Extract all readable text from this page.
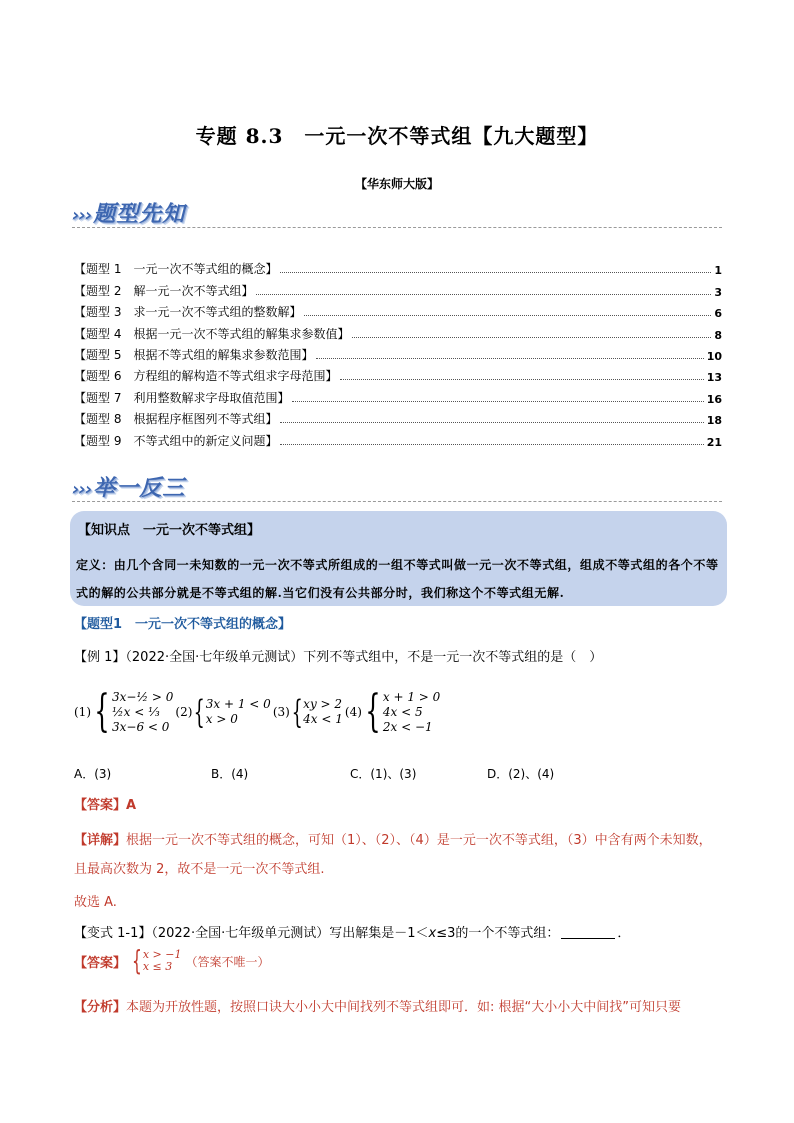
专题 8.3　一元一次不等式组【九大题型】
【华东师大版】
›››题型先知
【题型 1　一元一次不等式组的概念】	1
【题型 2　解一元一次不等式组】	3
【题型 3　求一元一次不等式组的整数解】	6
【题型 4　根据一元一次不等式组的解集求参数值】	8
【题型 5　根据不等式组的解集求参数范围】	10
【题型 6　方程组的解构造不等式组求字母范围】	13
【题型 7　利用整数解求字母取值范围】	16
【题型 8　根据程序框图列不等式组】	18
【题型 9　不等式组中的新定义问题】	21
›››举一反三
【知识点　一元一次不等式组】
定义：由几个含同一未知数的一元一次不等式所组成的一组不等式叫做一元一次不等式组，组成不等式组的各个不等式的解的公共部分就是不等式组的解.当它们没有公共部分时，我们称这个不等式组无解.
【题型1　一元一次不等式组的概念】
【例 1】（2022·全国·七年级单元测试）下列不等式组中，不是一元一次不等式组的是（　）
(1) { 3x−½ > 0
½x < ⅓
3x−6 < 0
(2) { 3x + 1 < 0
x > 0	(3) { xy > 2
4x < 1 (4) { x + 1 > 0
4x < 5
2x < −1
A．(3)	B．(4)	C．(1)、(3)	D．(2)、(4)
【答案】A
【详解】根据一元一次不等式组的概念，可知（1）、（2）、（4）是一元一次不等式组，（3）中含有两个未知数，且最高次数为 2，故不是一元一次不等式组.
故选 A.
【变式 1-1】（2022·全国·七年级单元测试）写出解集是－1＜x≤3的一个不等式组：	．
【答案】 { x > −1
x ≤ 3	（答案不唯一）
【分析】本题为开放性题，按照口诀大小小大中间找列不等式组即可．如: 根据“大小小大中间找”可知只要
